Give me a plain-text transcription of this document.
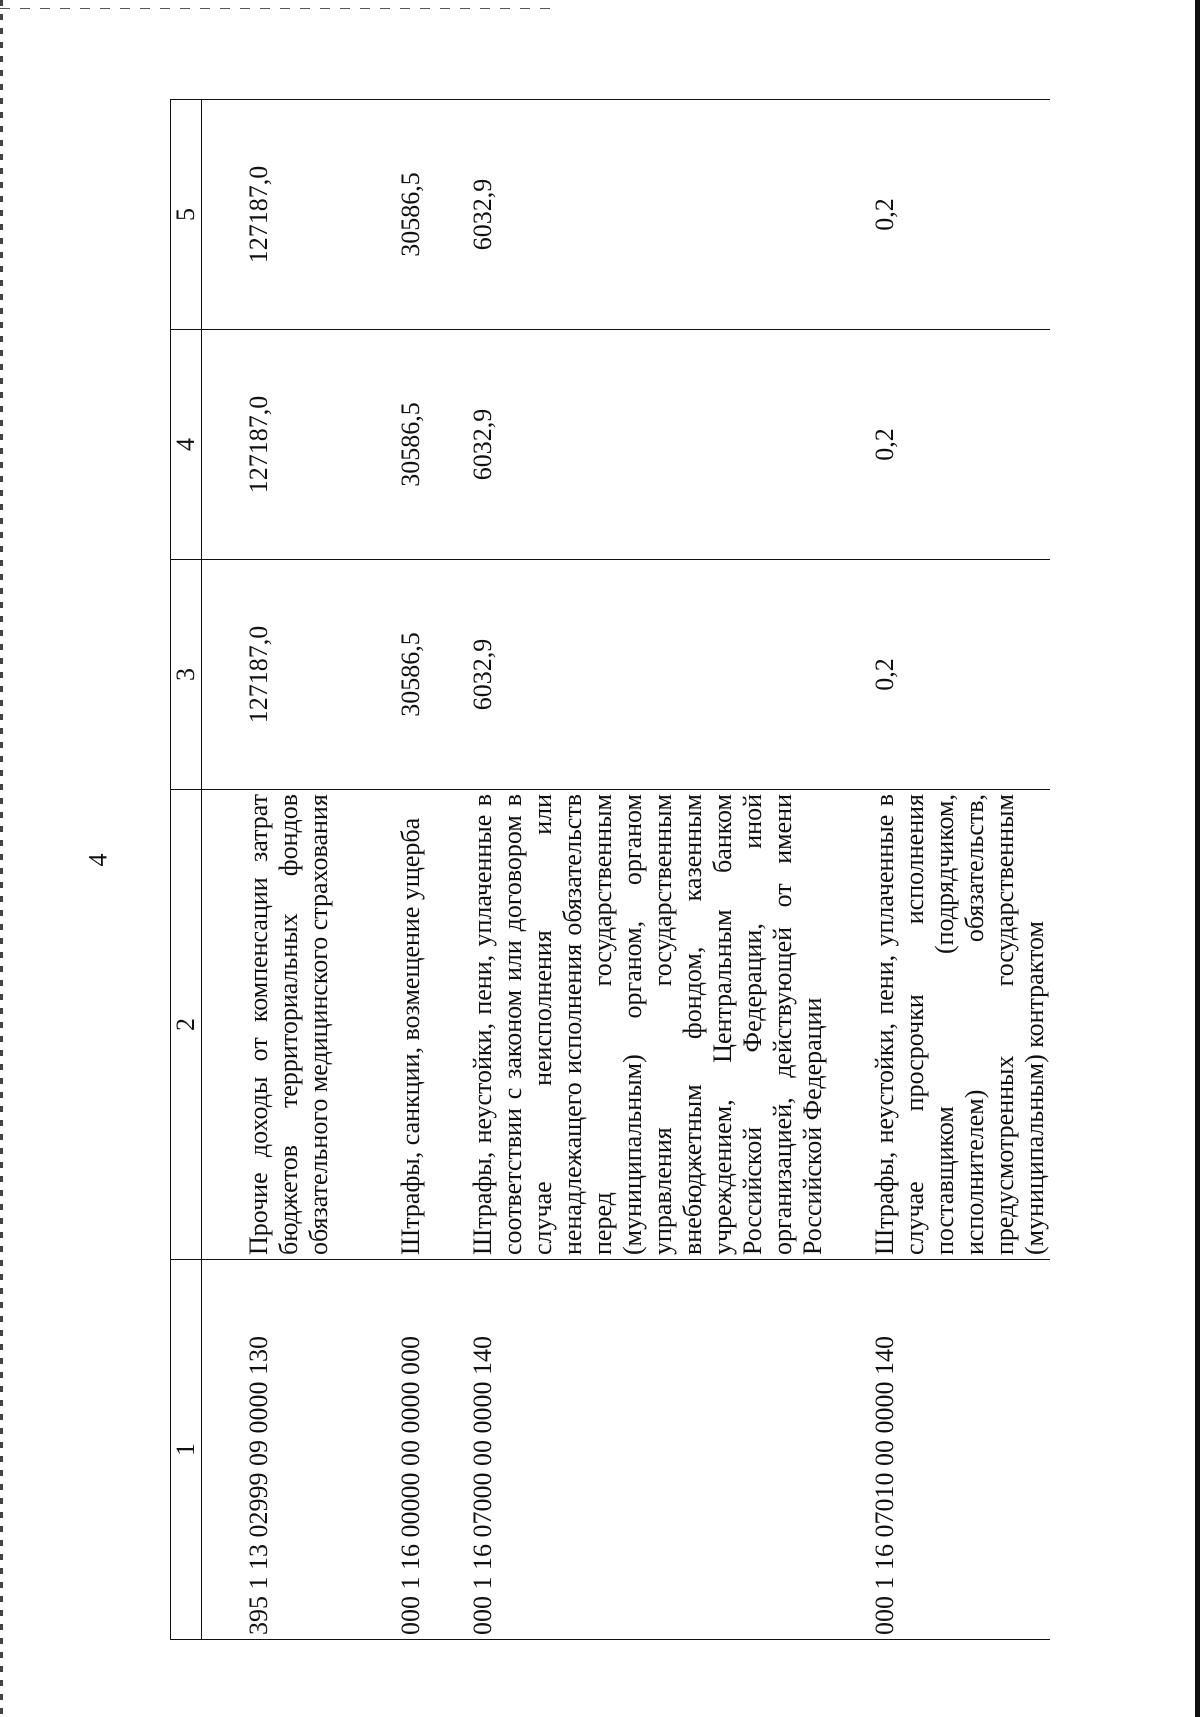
4
1	2	3	4	5
395 1 13 02999 09 0000 130	Прочие доходы от компенсации затрат бюджетов территориальных фондов обязательного медицинского страхования	127187,0	127187,0	127187,0
000 1 16 00000 00 0000 000	Штрафы, санкции, возмещение ущерба	30586,5	30586,5	30586,5
000 1 16 07000 00 0000 140	Штрафы, неустойки, пени, уплаченные в соответствии с законом или договором в случае неисполнения или ненадлежащего исполнения обязательств перед государственным (муниципальным) органом, органом управления государственным внебюджетным фондом, казенным учреждением, Центральным банком Российской Федерации, иной организацией, действующей от имени Российской Федерации	6032,9	6032,9	6032,9
000 1 16 07010 00 0000 140	Штрафы, неустойки, пени, уплаченные в случае просрочки исполнения поставщиком (подрядчиком, исполнителем) обязательств, предусмотренных государственным (муниципальным) контрактом	0,2	0,2	0,2
